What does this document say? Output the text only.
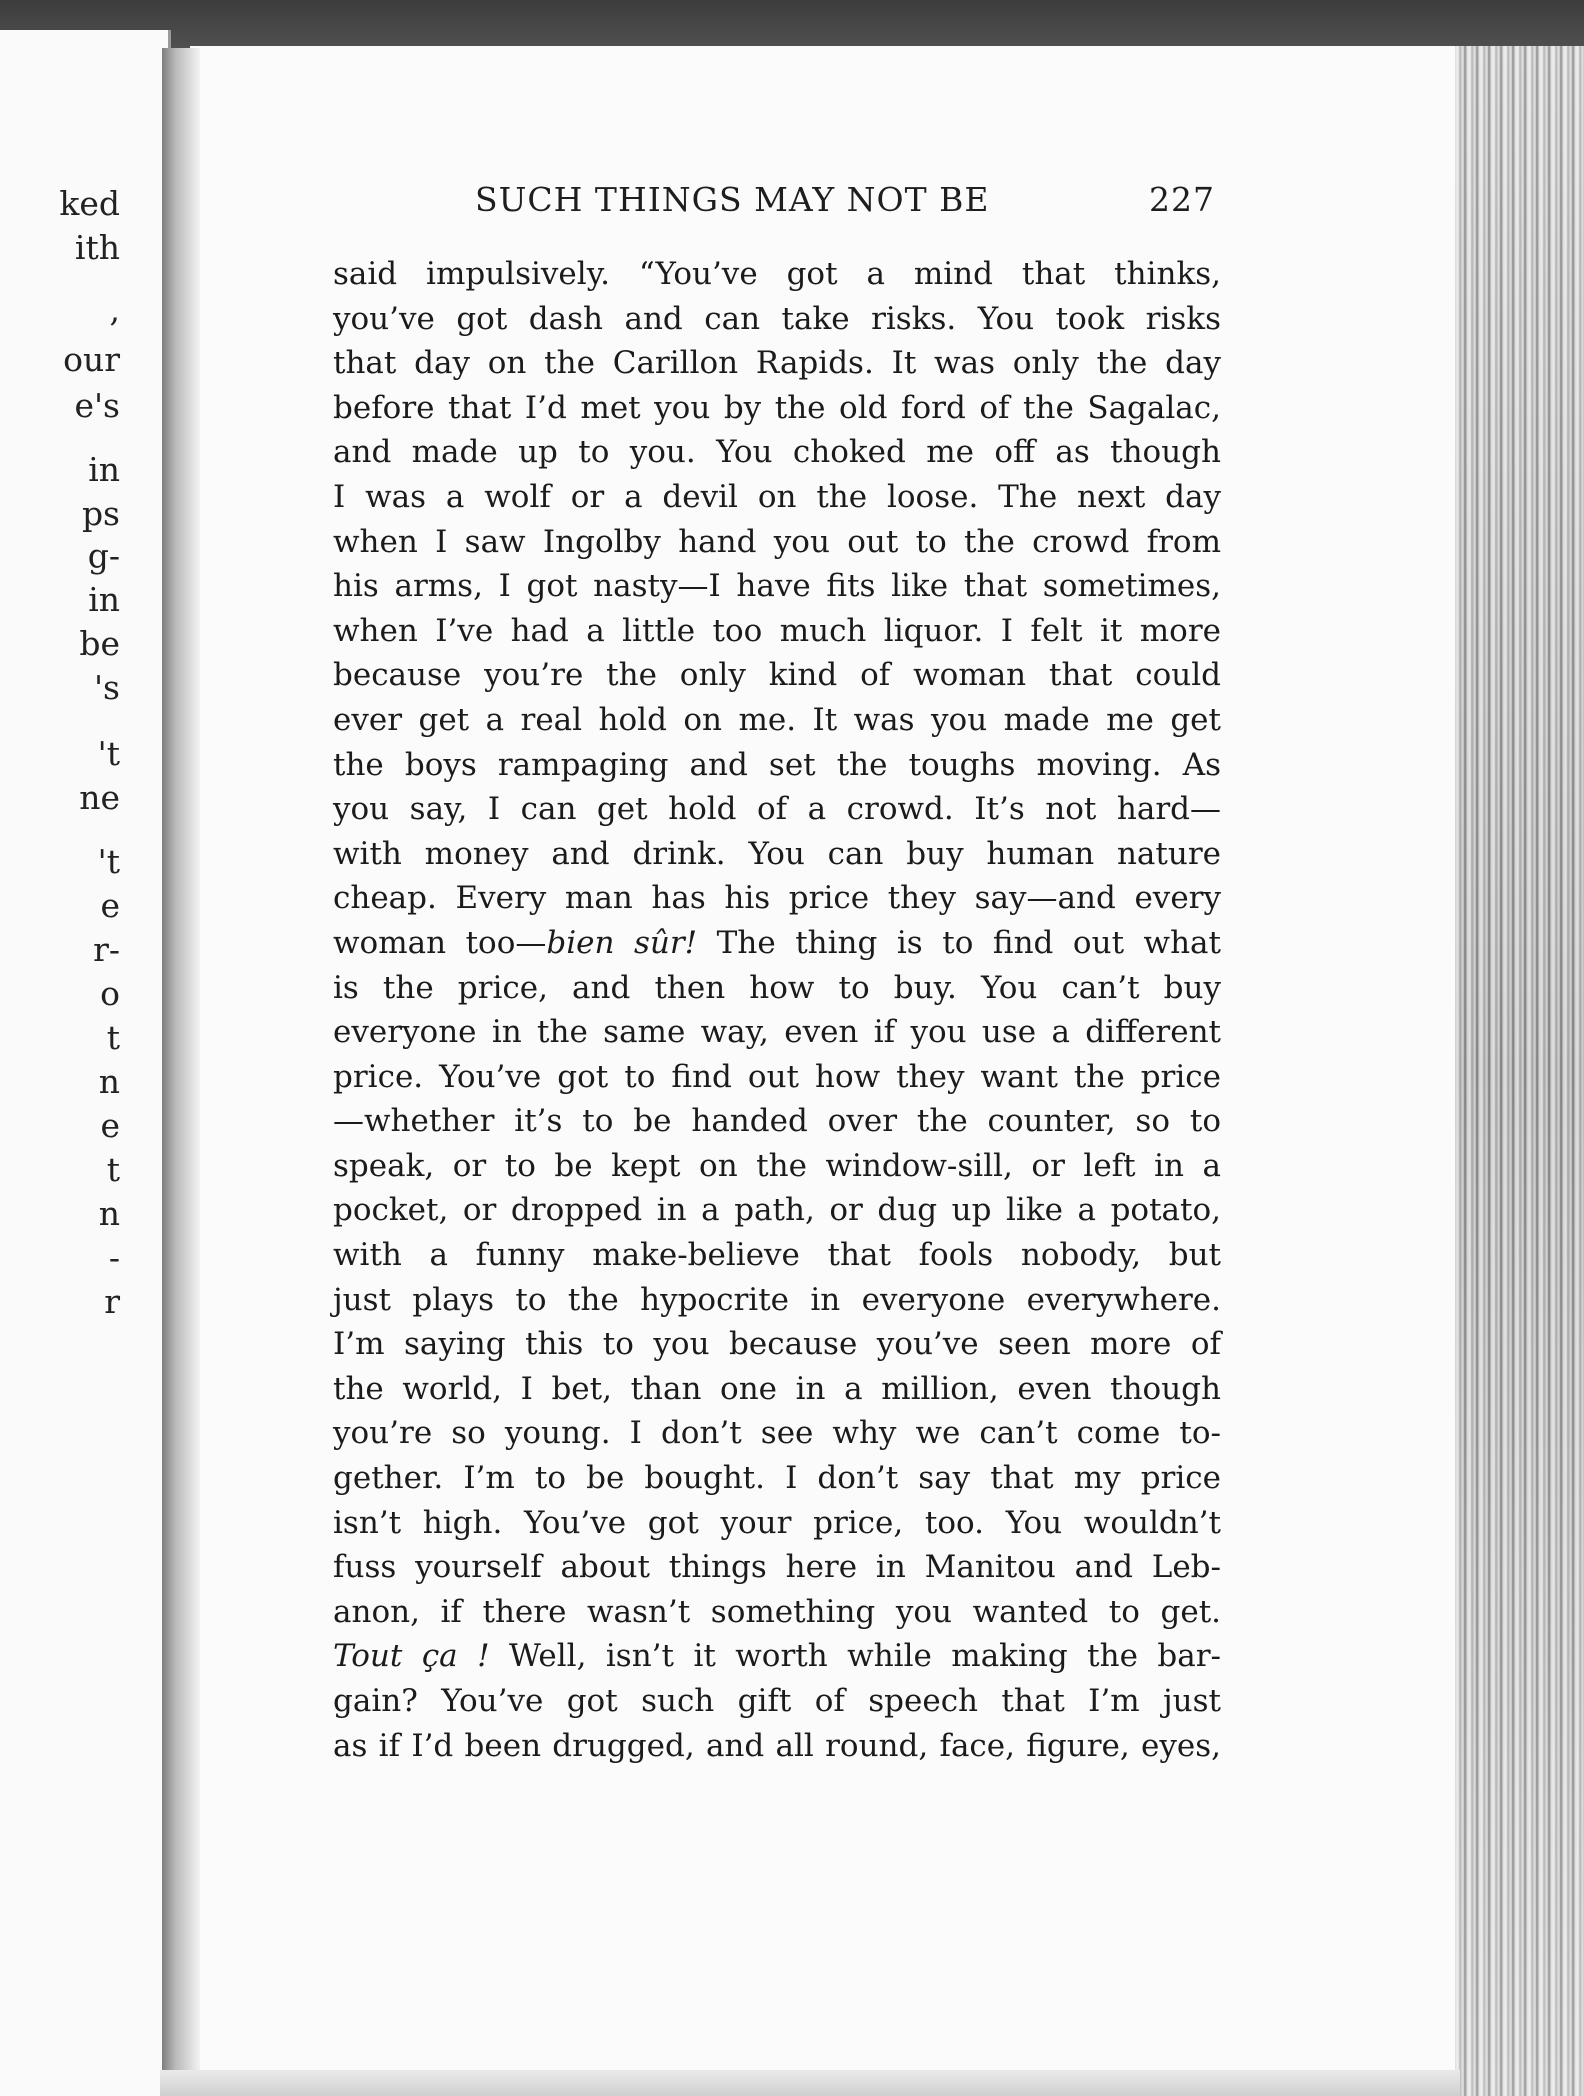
ked
ith
,
our
e's
in
ps
g-
in
be
's
't
ne
't
e
r-
o
t
n
e
t
n
-
r
SUCH THINGS MAY NOT BE	227
said impulsively. “You’ve got a mind that thinks,
you’ve got dash and can take risks. You took risks
that day on the Carillon Rapids. It was only the day
before that I’d met you by the old ford of the Sagalac,
and made up to you. You choked me off as though
I was a wolf or a devil on the loose. The next day
when I saw Ingolby hand you out to the crowd from
his arms, I got nasty—I have fits like that sometimes,
when I’ve had a little too much liquor. I felt it more
because you’re the only kind of woman that could
ever get a real hold on me. It was you made me get
the boys rampaging and set the toughs moving. As
you say, I can get hold of a crowd. It’s not hard—
with money and drink. You can buy human nature
cheap. Every man has his price they say—and every
woman too—bien sûr! The thing is to find out what
is the price, and then how to buy. You can’t buy
everyone in the same way, even if you use a different
price. You’ve got to find out how they want the price
—whether it’s to be handed over the counter, so to
speak, or to be kept on the window-sill, or left in a
pocket, or dropped in a path, or dug up like a potato,
with a funny make-believe that fools nobody, but
just plays to the hypocrite in everyone everywhere.
I’m saying this to you because you’ve seen more of
the world, I bet, than one in a million, even though
you’re so young. I don’t see why we can’t come to-
gether. I’m to be bought. I don’t say that my price
isn’t high. You’ve got your price, too. You wouldn’t
fuss yourself about things here in Manitou and Leb-
anon, if there wasn’t something you wanted to get.
Tout ça ! Well, isn’t it worth while making the bar-
gain? You’ve got such gift of speech that I’m just
as if I’d been drugged, and all round, face, figure, eyes,
